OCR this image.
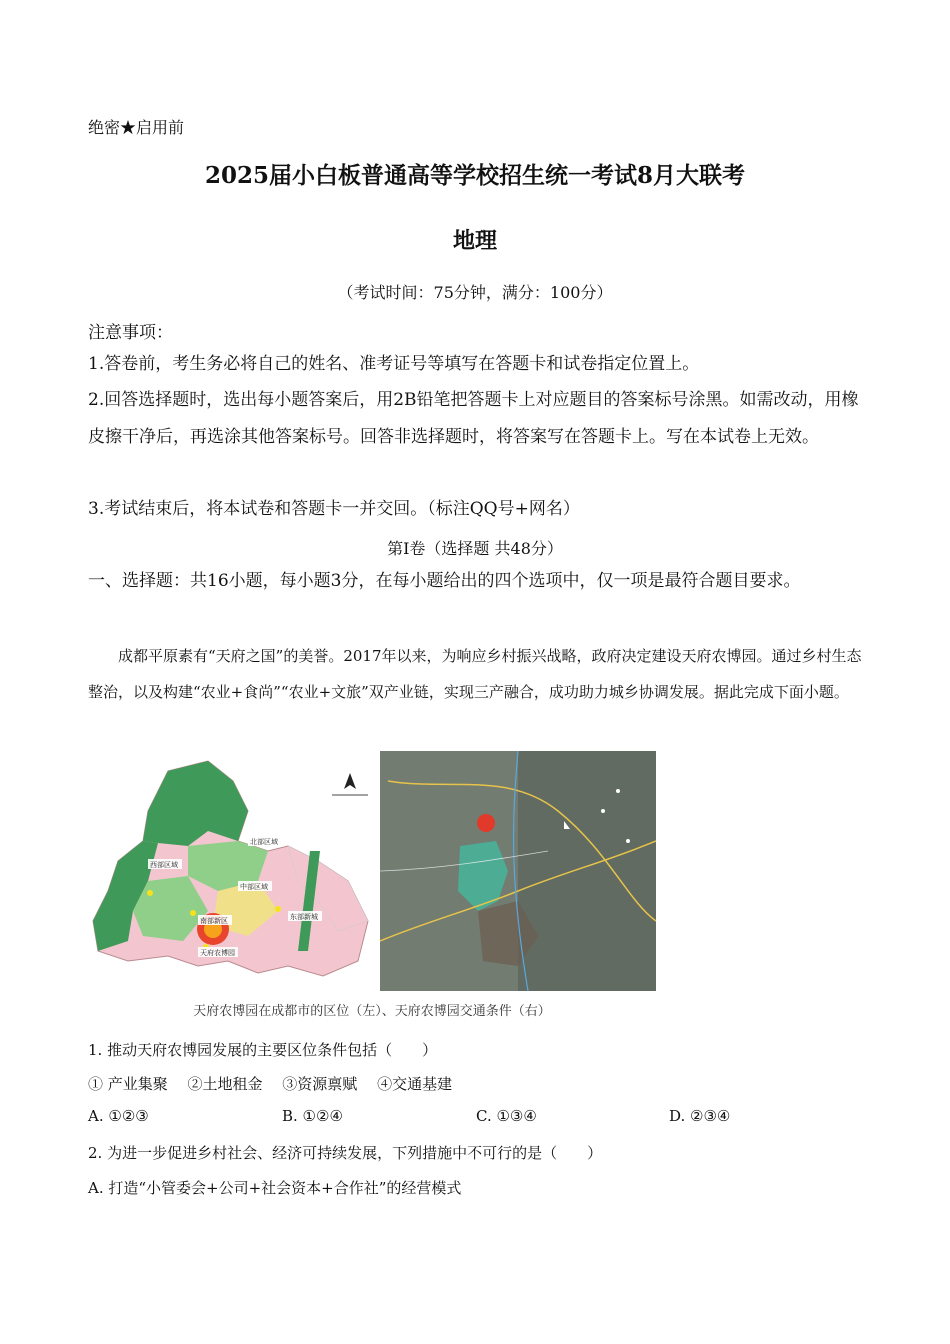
绝密★启用前
2025届小白板普通高等学校招生统一考试8月大联考
地理
（考试时间：75分钟，满分：100分）
注意事项：
1.答卷前，考生务必将自己的姓名、准考证号等填写在答题卡和试卷指定位置上。
2.回答选择题时，选出每小题答案后，用2B铅笔把答题卡上对应题目的答案标号涂黑。如需改动，用橡皮擦干净后，再选涂其他答案标号。回答非选择题时，将答案写在答题卡上。写在本试卷上无效。
3.考试结束后，将本试卷和答题卡一并交回。（标注QQ号+网名）
第I卷（选择题 共48分）
一、选择题：共16小题，每小题3分，在每小题给出的四个选项中，仅一项是最符合题目要求。
成都平原素有“天府之国”的美誉。2017年以来，为响应乡村振兴战略，政府决定建设天府农博园。通过乡村生态整治，以及构建“农业+食尚”“农业+文旅”双产业链，实现三产融合，成功助力城乡协调发展。据此完成下面小题。
北部区域
西部区域
中部区域
南部新区	东部新城
天府农博园
天府农博园在成都市的区位（左）、天府农博园交通条件（右）
1. 推动天府农博园发展的主要区位条件包括（　　）
① 产业集聚　 ②土地租金　 ③资源禀赋　 ④交通基建
A. ①②③	B. ①②④	C. ①③④	D. ②③④
2. 为进一步促进乡村社会、经济可持续发展，下列措施中不可行的是（　　）
A. 打造“小管委会+公司+社会资本+合作社”的经营模式
